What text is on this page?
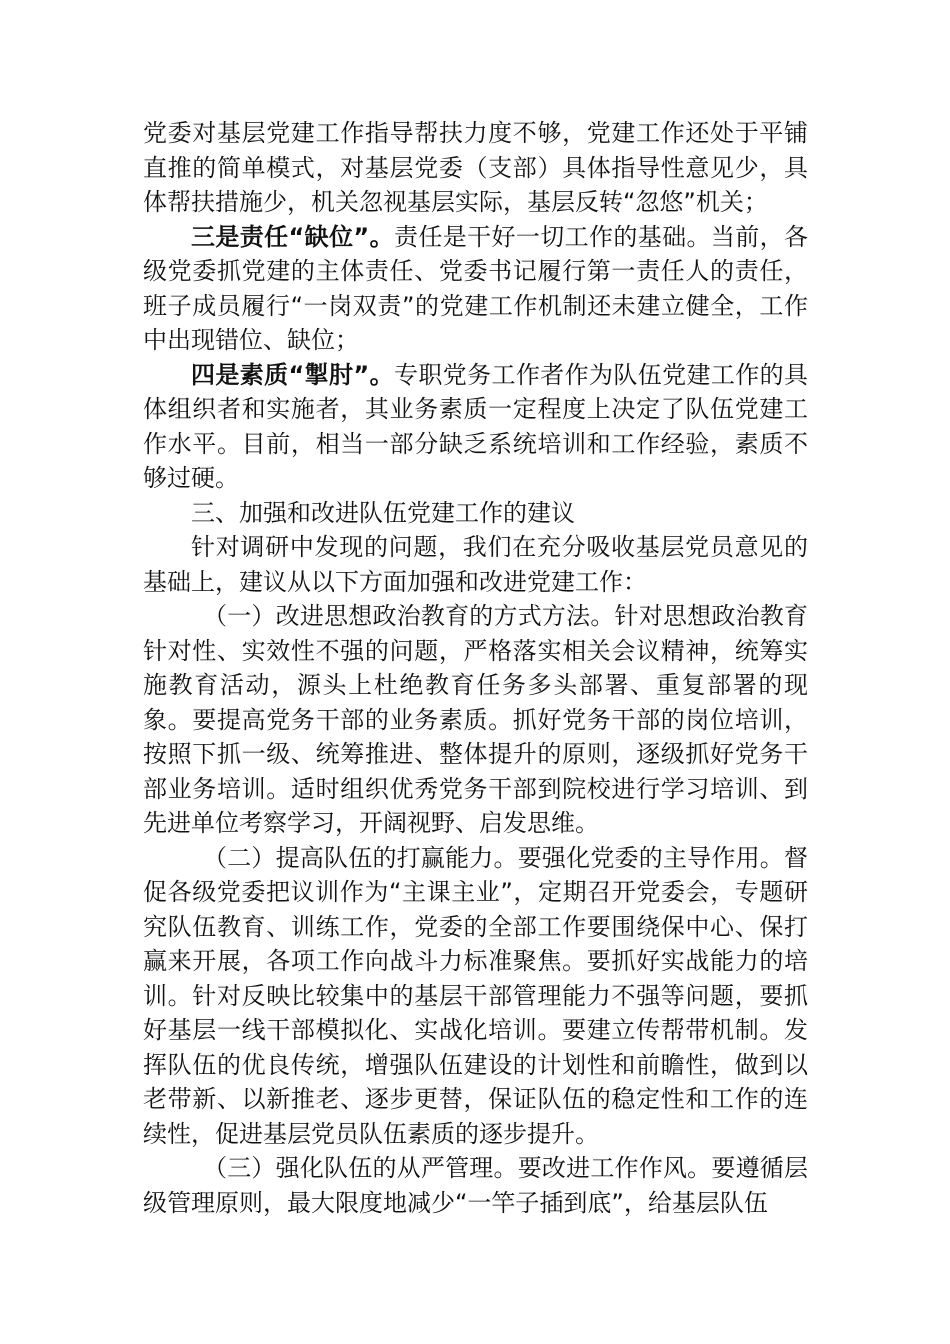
党委对基层党建工作指导帮扶力度不够，党建工作还处于平铺直推的简单模式，对基层党委（支部）具体指导性意见少，具体帮扶措施少，机关忽视基层实际，基层反转“忽悠”机关；

三是责任“缺位”。责任是干好一切工作的基础。当前，各级党委抓党建的主体责任、党委书记履行第一责任人的责任，班子成员履行“一岗双责”的党建工作机制还未建立健全，工作中出现错位、缺位；

四是素质“掣肘”。专职党务工作者作为队伍党建工作的具体组织者和实施者，其业务素质一定程度上决定了队伍党建工作水平。目前，相当一部分缺乏系统培训和工作经验，素质不够过硬。

三、加强和改进队伍党建工作的建议

针对调研中发现的问题，我们在充分吸收基层党员意见的基础上，建议从以下方面加强和改进党建工作：

（一）改进思想政治教育的方式方法。针对思想政治教育针对性、实效性不强的问题，严格落实相关会议精神，统筹实施教育活动，源头上杜绝教育任务多头部署、重复部署的现象。要提高党务干部的业务素质。抓好党务干部的岗位培训，按照下抓一级、统筹推进、整体提升的原则，逐级抓好党务干部业务培训。适时组织优秀党务干部到院校进行学习培训、到先进单位考察学习，开阔视野、启发思维。

（二）提高队伍的打赢能力。要强化党委的主导作用。督促各级党委把议训作为“主课主业”，定期召开党委会，专题研究队伍教育、训练工作，党委的全部工作要围绕保中心、保打赢来开展，各项工作向战斗力标准聚焦。要抓好实战能力的培训。针对反映比较集中的基层干部管理能力不强等问题，要抓好基层一线干部模拟化、实战化培训。要建立传帮带机制。发挥队伍的优良传统，增强队伍建设的计划性和前瞻性，做到以老带新、以新推老、逐步更替，保证队伍的稳定性和工作的连续性，促进基层党员队伍素质的逐步提升。

（三）强化队伍的从严管理。要改进工作作风。要遵循层级管理原则，最大限度地减少“一竿子插到底”，给基层队伍
